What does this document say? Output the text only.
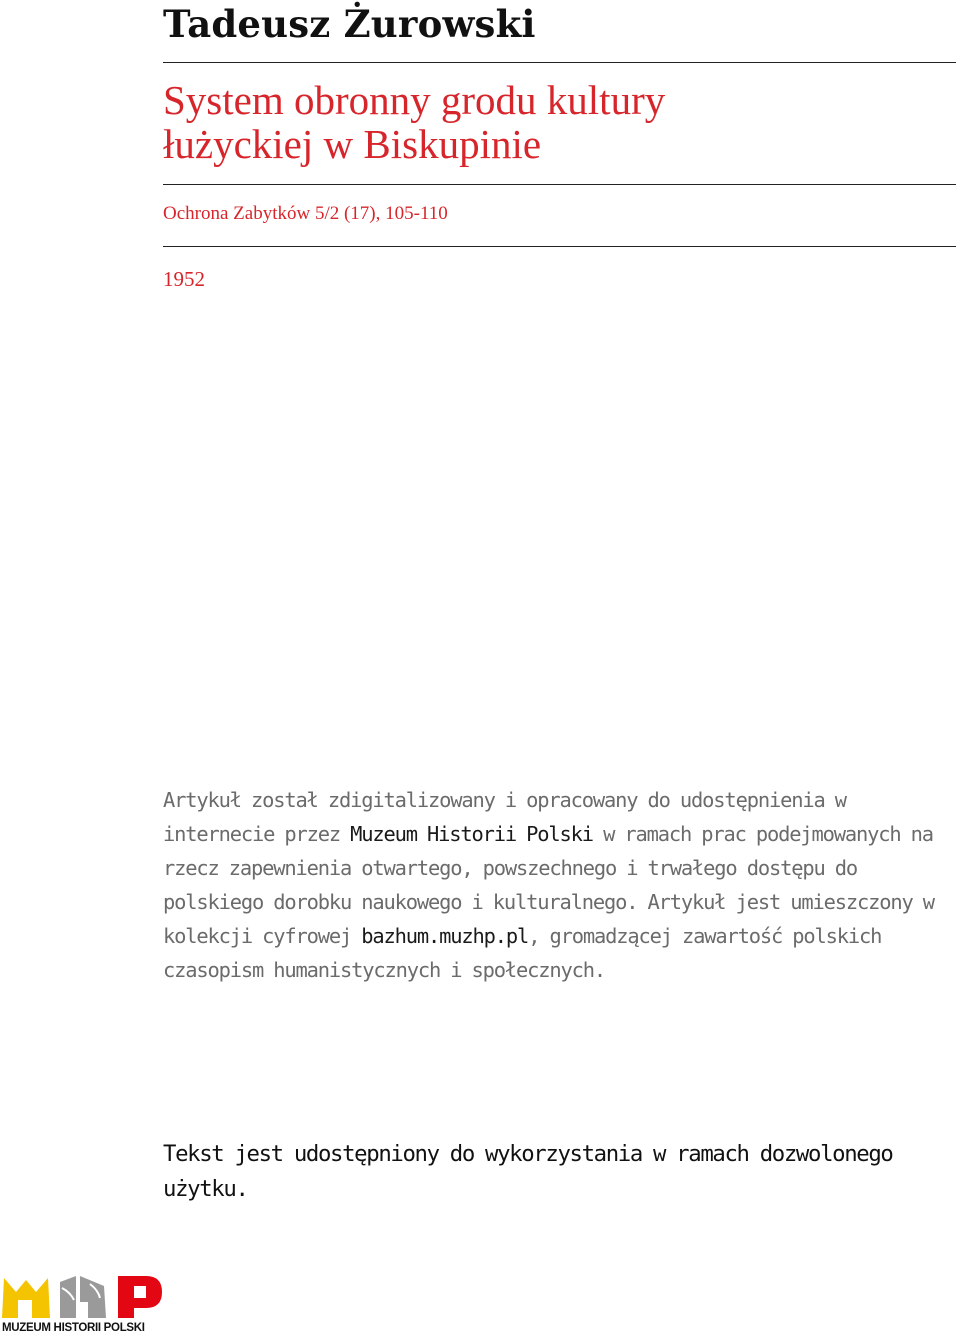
Tadeusz Żurowski
System obronny grodu kultury
łużyckiej w Biskupinie
Ochrona Zabytków 5/2 (17), 105-110
1952
Artykuł został zdigitalizowany i opracowany do udostępnienia w internecie przez Muzeum Historii Polski w ramach prac podejmowanych na rzecz zapewnienia otwartego, powszechnego i trwałego dostępu do polskiego dorobku naukowego i kulturalnego. Artykuł jest umieszczony w kolekcji cyfrowej bazhum.muzhp.pl, gromadzącej zawartość polskich czasopism humanistycznych i społecznych.
Tekst jest udostępniony do wykorzystania w ramach dozwolonego użytku.
MUZEUM HISTORII POLSKI
